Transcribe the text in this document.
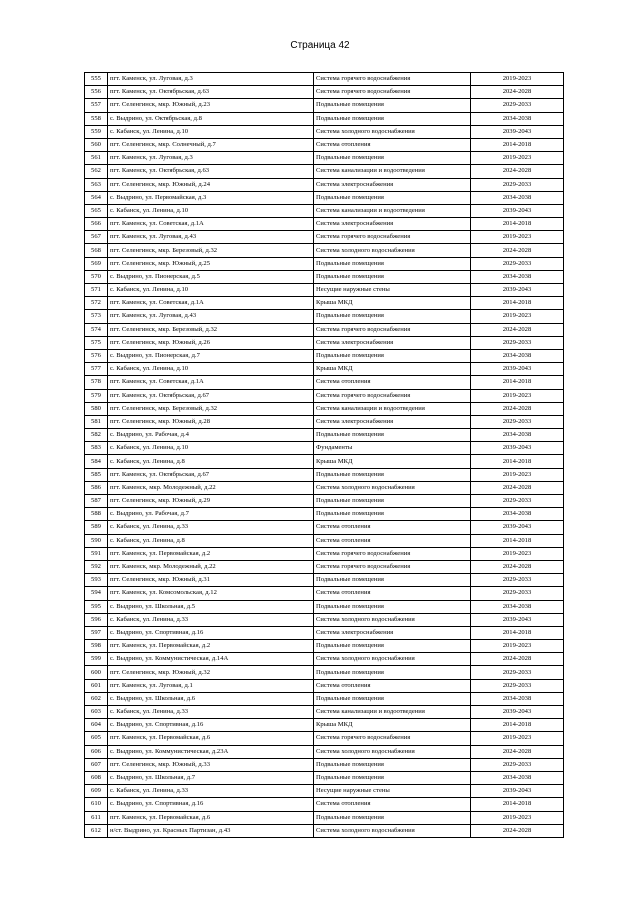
Страница 42
555	пгт. Каменск, ул. Луговая, д.3	Система горячего водоснабжения	2019-2023
556	пгт. Каменск, ул. Октябрьская, д.63	Система горячего водоснабжения	2024-2028
557	пгт. Селенгинск, мкр. Южный, д.23	Подвальные помещения	2029-2033
558	с. Выдрино, ул. Октябрьская, д.8	Подвальные помещения	2034-2038
559	с. Кабанск, ул. Ленина, д.10	Система холодного водоснабжения	2039-2043
560	пгт. Селенгинск, мкр. Солнечный, д.7	Система отопления	2014-2018
561	пгт. Каменск, ул. Луговая, д.3	Подвальные помещения	2019-2023
562	пгт. Каменск, ул. Октябрьская, д.63	Система канализации и водоотведения	2024-2028
563	пгт. Селенгинск, мкр. Южный, д.24	Система электроснабжения	2029-2033
564	с. Выдрино, ул. Первомайская, д.3	Подвальные помещения	2034-2038
565	с. Кабанск, ул. Ленина, д.10	Система канализации и водоотведения	2039-2043
566	пгт. Каменск, ул. Советская, д.1А	Система электроснабжения	2014-2018
567	пгт. Каменск, ул. Луговая, д.43	Система горячего водоснабжения	2019-2023
568	пгт. Селенгинск, мкр. Березовый, д.32	Система холодного водоснабжения	2024-2028
569	пгт. Селенгинск, мкр. Южный, д.25	Подвальные помещения	2029-2033
570	с. Выдрино, ул. Пионерская, д.5	Подвальные помещения	2034-2038
571	с. Кабанск, ул. Ленина, д.10	Несущие наружные стены	2039-2043
572	пгт. Каменск, ул. Советская, д.1А	Крыша МКД	2014-2018
573	пгт. Каменск, ул. Луговая, д.43	Подвальные помещения	2019-2023
574	пгт. Селенгинск, мкр. Березовый, д.32	Система горячего водоснабжения	2024-2028
575	пгт. Селенгинск, мкр. Южный, д.26	Система электроснабжения	2029-2033
576	с. Выдрино, ул. Пионерская, д.7	Подвальные помещения	2034-2038
577	с. Кабанск, ул. Ленина, д.10	Крыша МКД	2039-2043
578	пгт. Каменск, ул. Советская, д.1А	Система отопления	2014-2018
579	пгт. Каменск, ул. Октябрьская, д.67	Система горячего водоснабжения	2019-2023
580	пгт. Селенгинск, мкр. Березовый, д.32	Система канализации и водоотведения	2024-2028
581	пгт. Селенгинск, мкр. Южный, д.28	Система электроснабжения	2029-2033
582	с. Выдрино, ул. Рабочая, д.4	Подвальные помещения	2034-2038
583	с. Кабанск, ул. Ленина, д.10	Фундаменты	2039-2043
584	с. Кабанск, ул. Ленина, д.8	Крыша МКД	2014-2018
585	пгт. Каменск, ул. Октябрьская, д.67	Подвальные помещения	2019-2023
586	пгт. Каменск, мкр. Молодежный, д.22	Система холодного водоснабжения	2024-2028
587	пгт. Селенгинск, мкр. Южный, д.29	Подвальные помещения	2029-2033
588	с. Выдрино, ул. Рабочая, д.7	Подвальные помещения	2034-2038
589	с. Кабанск, ул. Ленина, д.33	Система отопления	2039-2043
590	с. Кабанск, ул. Ленина, д.8	Система отопления	2014-2018
591	пгт. Каменск, ул. Первомайская, д.2	Система горячего водоснабжения	2019-2023
592	пгт. Каменск, мкр. Молодежный, д.22	Система горячего водоснабжения	2024-2028
593	пгт. Селенгинск, мкр. Южный, д.31	Подвальные помещения	2029-2033
594	пгт. Каменск, ул. Комсомольская, д.12	Система отопления	2029-2033
595	с. Выдрино, ул. Школьная, д.5	Подвальные помещения	2034-2038
596	с. Кабанск, ул. Ленина, д.33	Система холодного водоснабжения	2039-2043
597	с. Выдрино, ул. Спортивная, д.16	Система электроснабжения	2014-2018
598	пгт. Каменск, ул. Первомайская, д.2	Подвальные помещения	2019-2023
599	с. Выдрино, ул. Коммунистическая, д.14А	Система холодного водоснабжения	2024-2028
600	пгт. Селенгинск, мкр. Южный, д.32	Подвальные помещения	2029-2033
601	пгт. Каменск, ул. Луговая, д.1	Система отопления	2029-2033
602	с. Выдрино, ул. Школьная, д.6	Подвальные помещения	2034-2038
603	с. Кабанск, ул. Ленина, д.33	Система канализации и водоотведения	2039-2043
604	с. Выдрино, ул. Спортивная, д.16	Крыша МКД	2014-2018
605	пгт. Каменск, ул. Первомайская, д.6	Система горячего водоснабжения	2019-2023
606	с. Выдрино, ул. Коммунистическая, д.23А	Система холодного водоснабжения	2024-2028
607	пгт. Селенгинск, мкр. Южный, д.33	Подвальные помещения	2029-2033
608	с. Выдрино, ул. Школьная, д.7	Подвальные помещения	2034-2038
609	с. Кабанск, ул. Ленина, д.33	Несущие наружные стены	2039-2043
610	с. Выдрино, ул. Спортивная, д.16	Система отопления	2014-2018
611	пгт. Каменск, ул. Первомайская, д.6	Подвальные помещения	2019-2023
612	н/ст. Выдрино, ул. Красных Партизан, д.43	Система холодного водоснабжения	2024-2028
